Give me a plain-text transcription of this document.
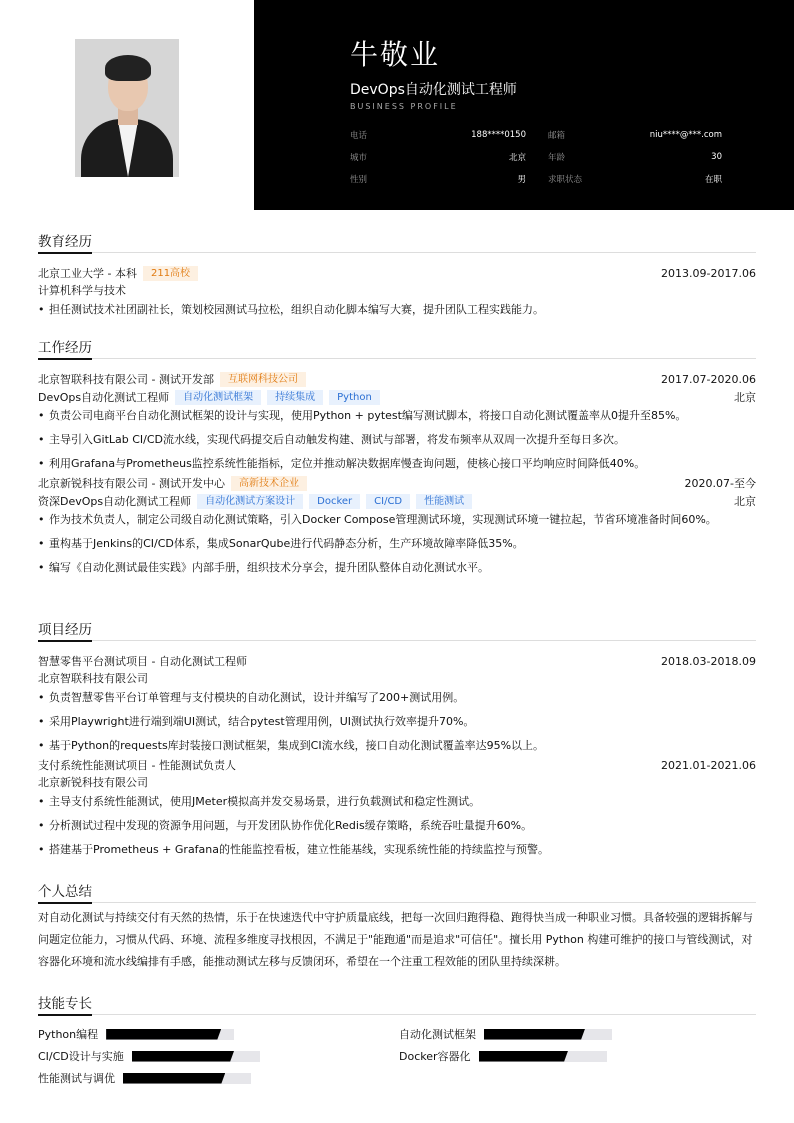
牛敬业
DevOps自动化测试工程师
BUSINESS PROFILE
电话	188****0150	邮箱	niu****@***.com
城市	北京	年龄	30
性别	男	求职状态	在职
教育经历
北京工业大学 - 本科	211高校	2013.09-2017.06
计算机科学与技术
• 担任测试技术社团副社长，策划校园测试马拉松，组织自动化脚本编写大赛，提升团队工程实践能力。
工作经历
北京智联科技有限公司 - 测试开发部	互联网科技公司	2017.07-2020.06
DevOps自动化测试工程师	自动化测试框架	持续集成	Python	北京
• 负责公司电商平台自动化测试框架的设计与实现，使用Python + pytest编写测试脚本，将接口自动化测试覆盖率从0提升至85%。
• 主导引入GitLab CI/CD流水线，实现代码提交后自动触发构建、测试与部署，将发布频率从双周一次提升至每日多次。
• 利用Grafana与Prometheus监控系统性能指标，定位并推动解决数据库慢查询问题，使核心接口平均响应时间降低40%。
北京新锐科技有限公司 - 测试开发中心	高新技术企业	2020.07-至今
资深DevOps自动化测试工程师	自动化测试方案设计	Docker	CI/CD	性能测试	北京
• 作为技术负责人，制定公司级自动化测试策略，引入Docker Compose管理测试环境，实现测试环境一键拉起，节省环境准备时间60%。
• 重构基于Jenkins的CI/CD体系，集成SonarQube进行代码静态分析，生产环境故障率降低35%。
• 编写《自动化测试最佳实践》内部手册，组织技术分享会，提升团队整体自动化测试水平。
项目经历
智慧零售平台测试项目 - 自动化测试工程师	2018.03-2018.09
北京智联科技有限公司
• 负责智慧零售平台订单管理与支付模块的自动化测试，设计并编写了200+测试用例。
• 采用Playwright进行端到端UI测试，结合pytest管理用例，UI测试执行效率提升70%。
• 基于Python的requests库封装接口测试框架，集成到CI流水线，接口自动化测试覆盖率达95%以上。
支付系统性能测试项目 - 性能测试负责人	2021.01-2021.06
北京新锐科技有限公司
• 主导支付系统性能测试，使用JMeter模拟高并发交易场景，进行负载测试和稳定性测试。
• 分析测试过程中发现的资源争用问题，与开发团队协作优化Redis缓存策略，系统吞吐量提升60%。
• 搭建基于Prometheus + Grafana的性能监控看板，建立性能基线，实现系统性能的持续监控与预警。
个人总结
对自动化测试与持续交付有天然的热情，乐于在快速迭代中守护质量底线，把每一次回归跑得稳、跑得快当成一种职业习惯。具备较强的逻辑拆解与问题定位能力，习惯从代码、环境、流程多维度寻找根因，不满足于"能跑通"而是追求"可信任"。擅长用 Python 构建可维护的接口与管线测试，对容器化环境和流水线编排有手感，能推动测试左移与反馈闭环，希望在一个注重工程效能的团队里持续深耕。
技能专长
Python编程	自动化测试框架
CI/CD设计与实施	Docker容器化
性能测试与调优
